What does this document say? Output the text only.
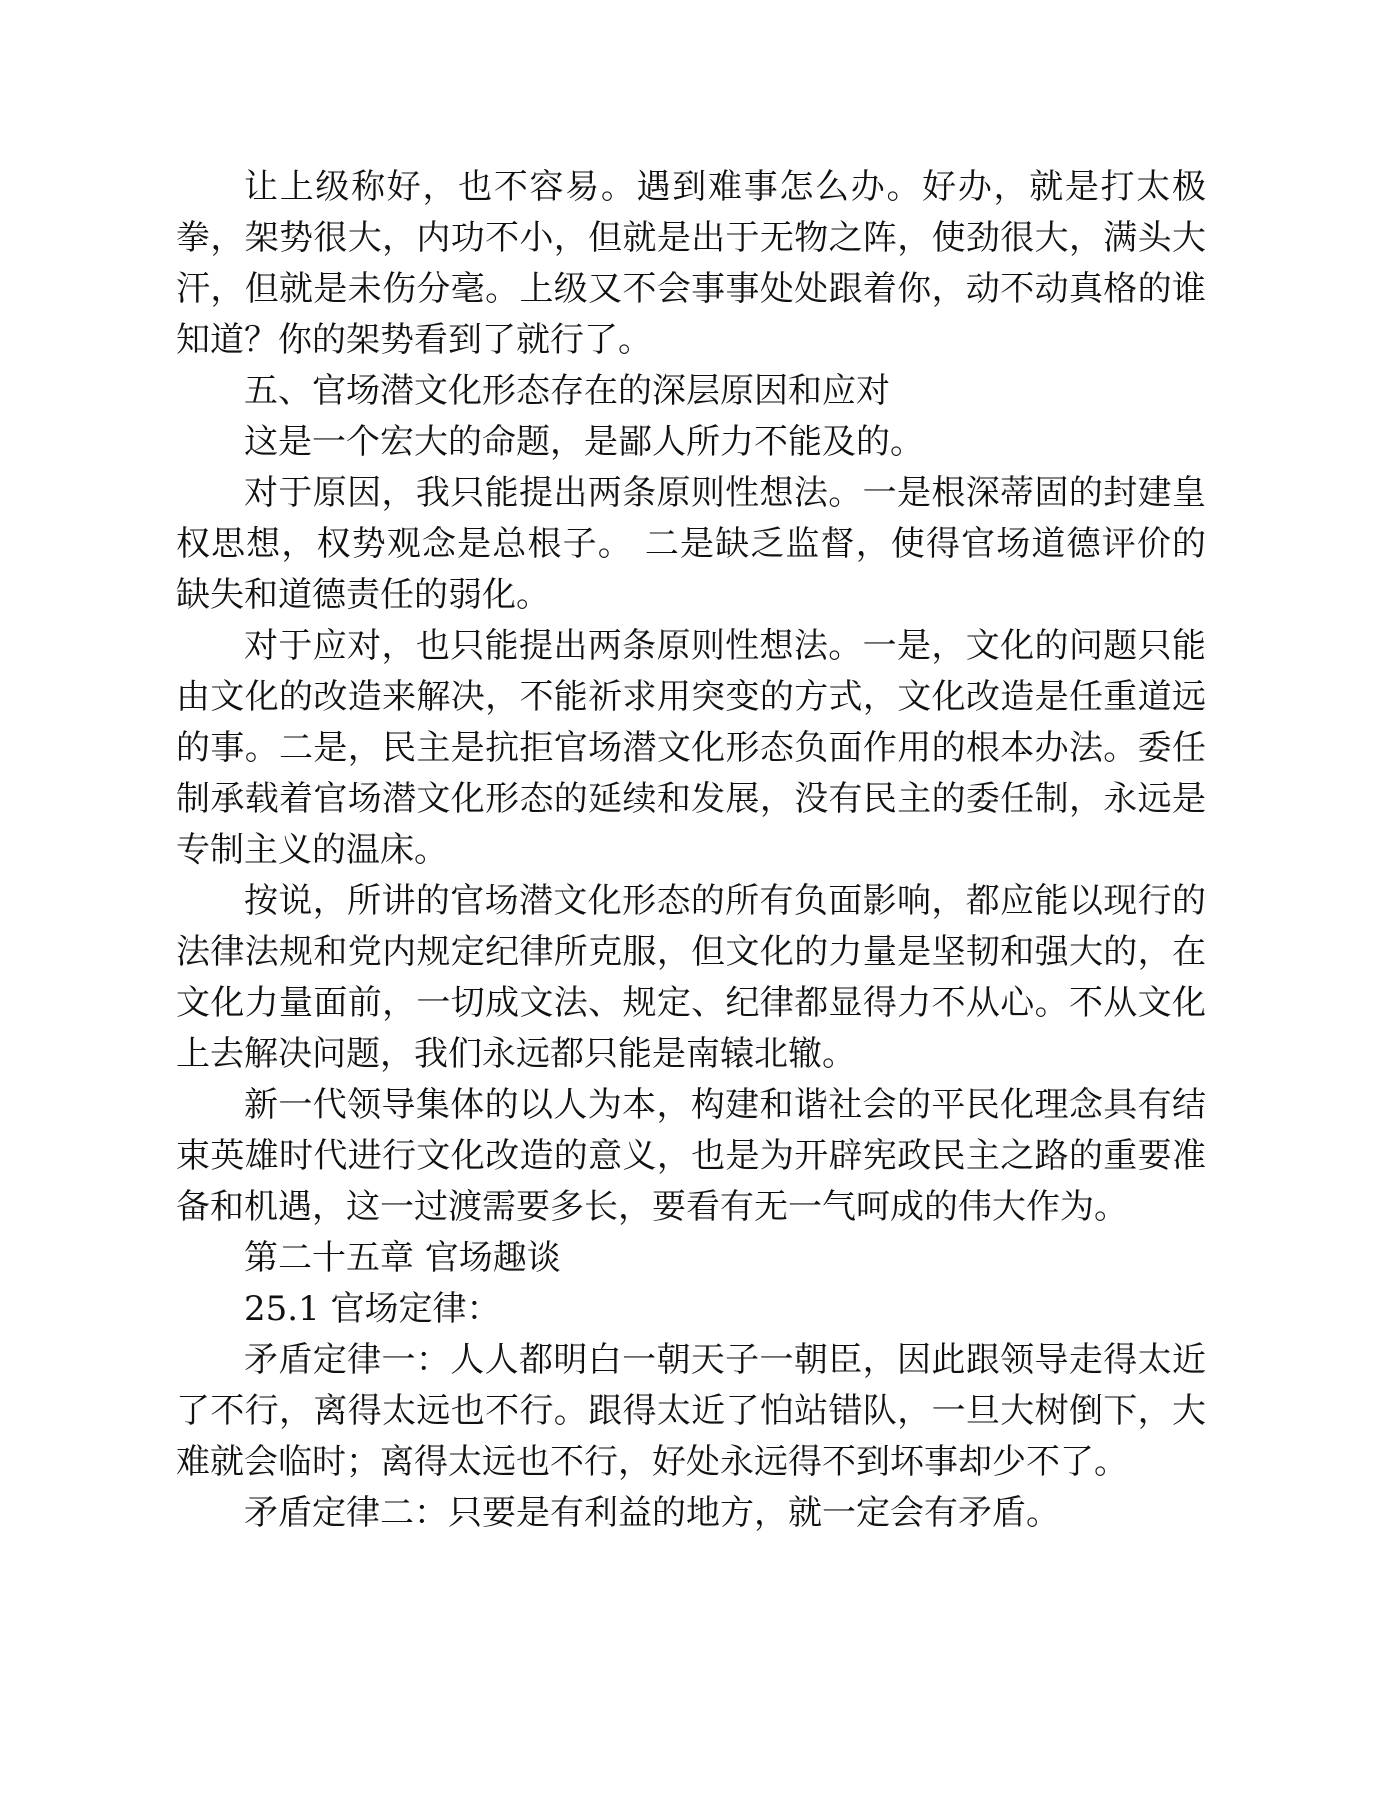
让上级称好，也不容易。遇到难事怎么办。好办，就是打太极拳，架势很大，内功不小，但就是出于无物之阵，使劲很大，满头大汗，但就是未伤分毫。上级又不会事事处处跟着你，动不动真格的谁知道？你的架势看到了就行了。

五、官场潜文化形态存在的深层原因和应对

这是一个宏大的命题，是鄙人所力不能及的。

对于原因，我只能提出两条原则性想法。一是根深蒂固的封建皇权思想，权势观念是总根子。 二是缺乏监督，使得官场道德评价的缺失和道德责任的弱化。

对于应对，也只能提出两条原则性想法。一是，文化的问题只能由文化的改造来解决，不能祈求用突变的方式，文化改造是任重道远的事。二是，民主是抗拒官场潜文化形态负面作用的根本办法。委任制承载着官场潜文化形态的延续和发展，没有民主的委任制，永远是专制主义的温床。

按说，所讲的官场潜文化形态的所有负面影响，都应能以现行的法律法规和党内规定纪律所克服，但文化的力量是坚韧和强大的，在文化力量面前，一切成文法、规定、纪律都显得力不从心。不从文化上去解决问题，我们永远都只能是南辕北辙。

新一代领导集体的以人为本，构建和谐社会的平民化理念具有结束英雄时代进行文化改造的意义，也是为开辟宪政民主之路的重要准备和机遇，这一过渡需要多长，要看有无一气呵成的伟大作为。

第二十五章 官场趣谈

25.1 官场定律：

矛盾定律一：人人都明白一朝天子一朝臣，因此跟领导走得太近了不行，离得太远也不行。跟得太近了怕站错队，一旦大树倒下，大难就会临时；离得太远也不行，好处永远得不到坏事却少不了。

矛盾定律二：只要是有利益的地方，就一定会有矛盾。
